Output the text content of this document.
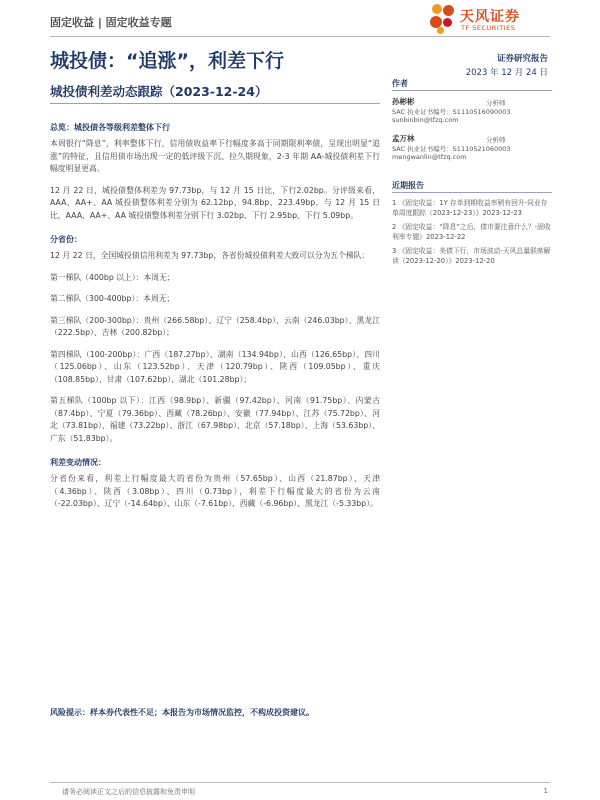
固定收益 | 固定收益专题	天风证券
TF SECURITIES
城投债：“追涨”，利差下行
城投债利差动态跟踪（2023-12-24）
证券研究报告
2023 年 12 月 24 日
总览：城投债各等级利差整体下行

本周银行“降息”，利率整体下行，信用债收益率下行幅度多高于同期限利率债，呈现出明显“追涨”的特征，且信用债市场出现一定的低评级下沉、拉久期现象，2-3 年期 AA-城投债利差下行幅度明显更高。

12 月 22 日，城投债整体利差为 97.73bp，与 12 月 15 日比，下行2.02bp。分评级来看，AAA、AA+、AA 城投债整体利差分别为 62.12bp、94.8bp、223.49bp，与 12 月 15 日比，AAA、AA+、AA 城投债整体利差分别下行 3.02bp、下行 2.95bp、下行 5.09bp。

分省份：

12 月 22 日，全国城投债信用利差为 97.73bp，各省份城投债利差大致可以分为五个梯队：

第一梯队（400bp 以上）：本周无；

第二梯队（300-400bp）：本周无；

第三梯队（200-300bp）：贵州（266.58bp）、辽宁（258.4bp）、云南（246.03bp）、黑龙江（222.5bp）、吉林（200.82bp）；

第四梯队（100-200bp）：广西（187.27bp）、湖南（134.94bp）、山西（126.65bp）、四川（125.06bp）、山东（123.52bp）、天津（120.79bp）、陕西（109.05bp）、重庆（108.85bp）、甘肃（107.62bp）、湖北（101.28bp）；

第五梯队（100bp 以下）：江西（98.9bp）、新疆（97.42bp）、河南（91.75bp）、内蒙古（87.4bp）、宁夏（79.36bp）、西藏（78.26bp）、安徽（77.94bp）、江苏（75.72bp）、河北（73.81bp）、福建（73.22bp）、浙江（67.98bp）、北京（57.18bp）、上海（53.63bp）、广东（51.83bp）。

利差变动情况：

分省份来看，利差上行幅度最大的省份为贵州（57.65bp）、山西（21.87bp）、天津（4.36bp）、陕西（3.08bp）、四川（0.73bp），利差下行幅度最大的省份为云南（-22.03bp）、辽宁（-14.64bp）、山东（-7.61bp）、西藏（-6.96bp）、黑龙江（-5.33bp）。

风险提示：样本券代表性不足；本报告为市场情况监控，不构成投资建议。
作者
孙彬彬	分析师
SAC 执业证书编号：S1110516090003
sunbinbin@tfzq.com
孟万林	分析师
SAC 执业证书编号：S1110521060003
mengwanlin@tfzq.com
近期报告
1 《固定收益：1Y 存单到期收益率稍有回升-同业存单周度跟踪（2023-12-23）》2023-12-23
2 《固定收益：“降息”之后，债市要注意什么？-固收利率专题》2023-12-22
3 《固定收益：美债下行，市场波动-天风总量联席解读（2023-12-20）》2023-12-20
请务必阅读正文之后的信息披露和免责申明	1
